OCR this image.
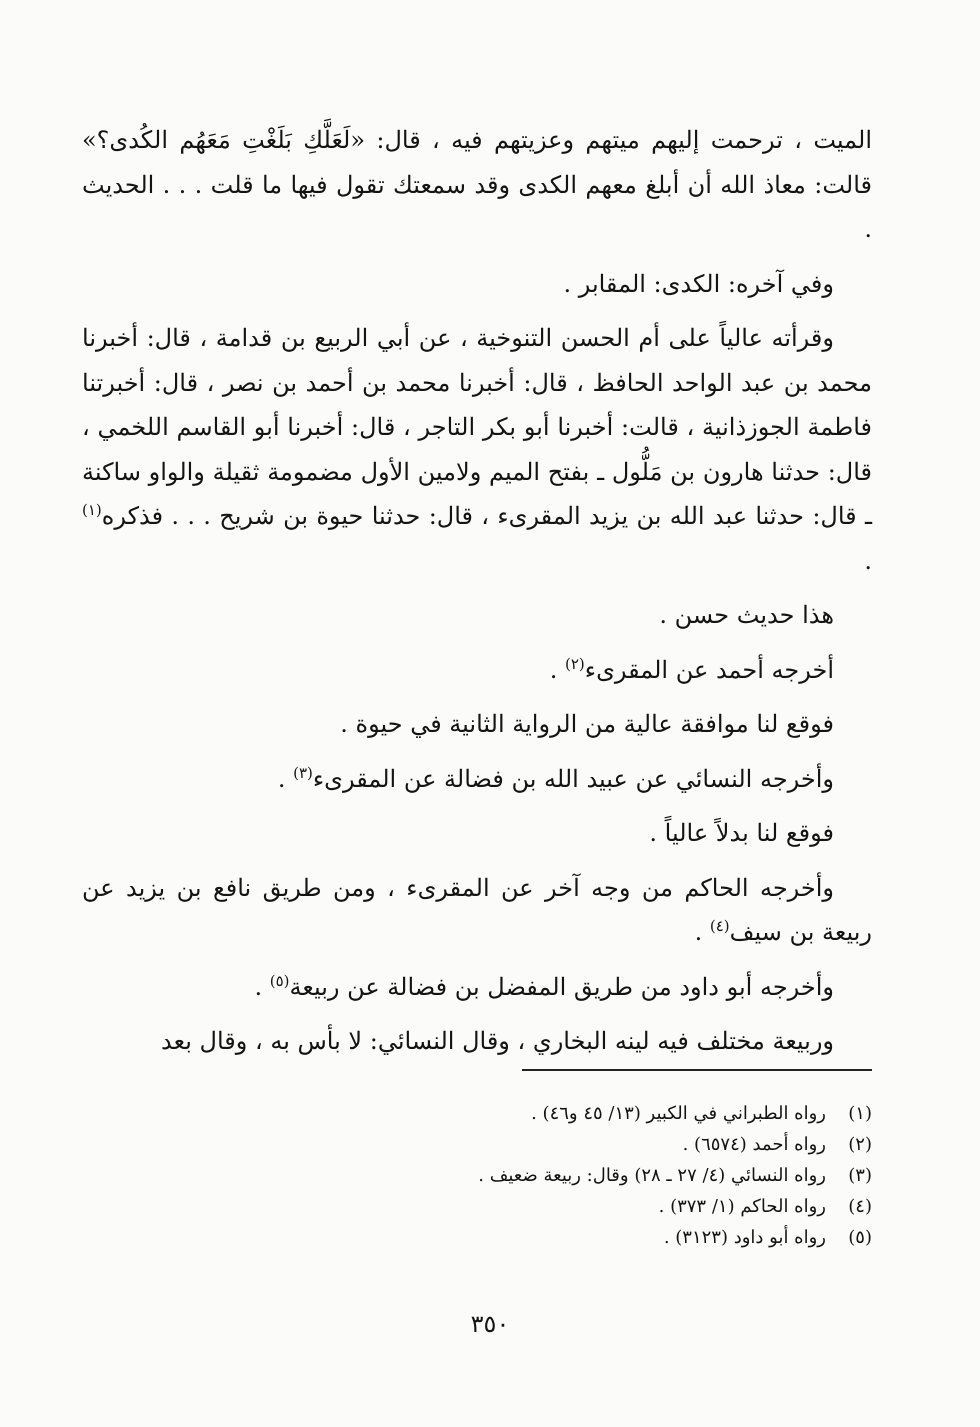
الميت ، ترحمت إليهم ميتهم وعزيتهم فيه ، قال: «لَعَلَّكِ بَلَغْتِ مَعَهُم الكُدى؟» قالت: معاذ الله أن أبلغ معهم الكدى وقد سمعتك تقول فيها ما قلت . . . الحديث .

وفي آخره: الكدى: المقابر .

وقرأته عالياً على أم الحسن التنوخية ، عن أبي الربيع بن قدامة ، قال: أخبرنا محمد بن عبد الواحد الحافظ ، قال: أخبرنا محمد بن أحمد بن نصر ، قال: أخبرتنا فاطمة الجوزذانية ، قالت: أخبرنا أبو بكر التاجر ، قال: أخبرنا أبو القاسم اللخمي ، قال: حدثنا هارون بن مَلُّول ـ بفتح الميم ولامين الأول مضمومة ثقيلة والواو ساكنة ـ قال: حدثنا عبد الله بن يزيد المقرىء ، قال: حدثنا حيوة بن شريح . . . فذكره$^{(١)}$ .

هذا حديث حسن .

أخرجه أحمد عن المقرىء$^{(٢)}$ .

فوقع لنا موافقة عالية من الرواية الثانية في حيوة .

وأخرجه النسائي عن عبيد الله بن فضالة عن المقرىء$^{(٣)}$ .

فوقع لنا بدلاً عالياً .

وأخرجه الحاكم من وجه آخر عن المقرىء ، ومن طريق نافع بن يزيد عن ربيعة بن سيف$^{(٤)}$ .

وأخرجه أبو داود من طريق المفضل بن فضالة عن ربيعة$^{(٥)}$ .

وربيعة مختلف فيه لينه البخاري ، وقال النسائي: لا بأس به ، وقال بعد

(١)رواه الطبراني في الكبير (١٣/ ٤٥ و٤٦) .
(٢)رواه أحمد (٦٥٧٤) .
(٣)رواه النسائي (٤/ ٢٧ ـ ٢٨) وقال: ربيعة ضعيف .
(٤)رواه الحاكم (١/ ٣٧٣) .
(٥)رواه أبو داود (٣١٢٣) .
٣٥٠
